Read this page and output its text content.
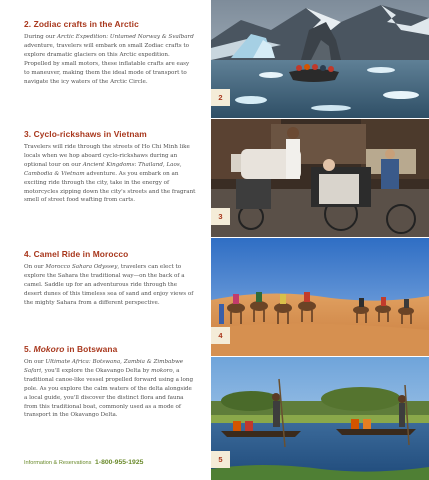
2. Zodiac crafts in the Arctic

During our Arctic Expedition: Untamed Norway & Svalbard adventure, travelers will embark on small Zodiac crafts to explore dramatic glaciers on this Arctic expedition. Propelled by small motors, these inflatable crafts are easy to maneuver, making them the ideal mode of transport to navigate the icy waters of the Arctic Circle.

3. Cyclo-rickshaws in Vietnam

Travelers will ride through the streets of Ho Chi Minh like locals when we hop aboard cyclo-rickshaws during an optional tour on our Ancient Kingdoms: Thailand, Laos, Cambodia & Vietnam adventure. As you embark on an exciting ride through the city, take in the energy of motorcycles zipping down the city's streets and the fragrant smell of street food wafting from carts.

4. Camel Ride in Morocco

On our Morocco Sahara Odyssey, travelers can elect to explore the Sahara the traditional way—on the back of a camel. Saddle up for an adventurous ride through the desert dunes of this timeless sea of sand and enjoy views of the mighty Sahara from a different perspective.

5. Mokoro in Botswana

On our Ultimate Africa: Botswana, Zambia & Zimbabwe Safari, you'll explore the Okavango Delta by mokoro, a traditional canoe-like vessel propelled forward using a long pole. As you explore the calm waters of the delta alongside a local guide, you'll discover the distinct flora and fauna from this traditional boat, commonly used as a mode of transport in the Okavango Delta.

Information & Reservations 1-800-955-1925
2
3
4
5
